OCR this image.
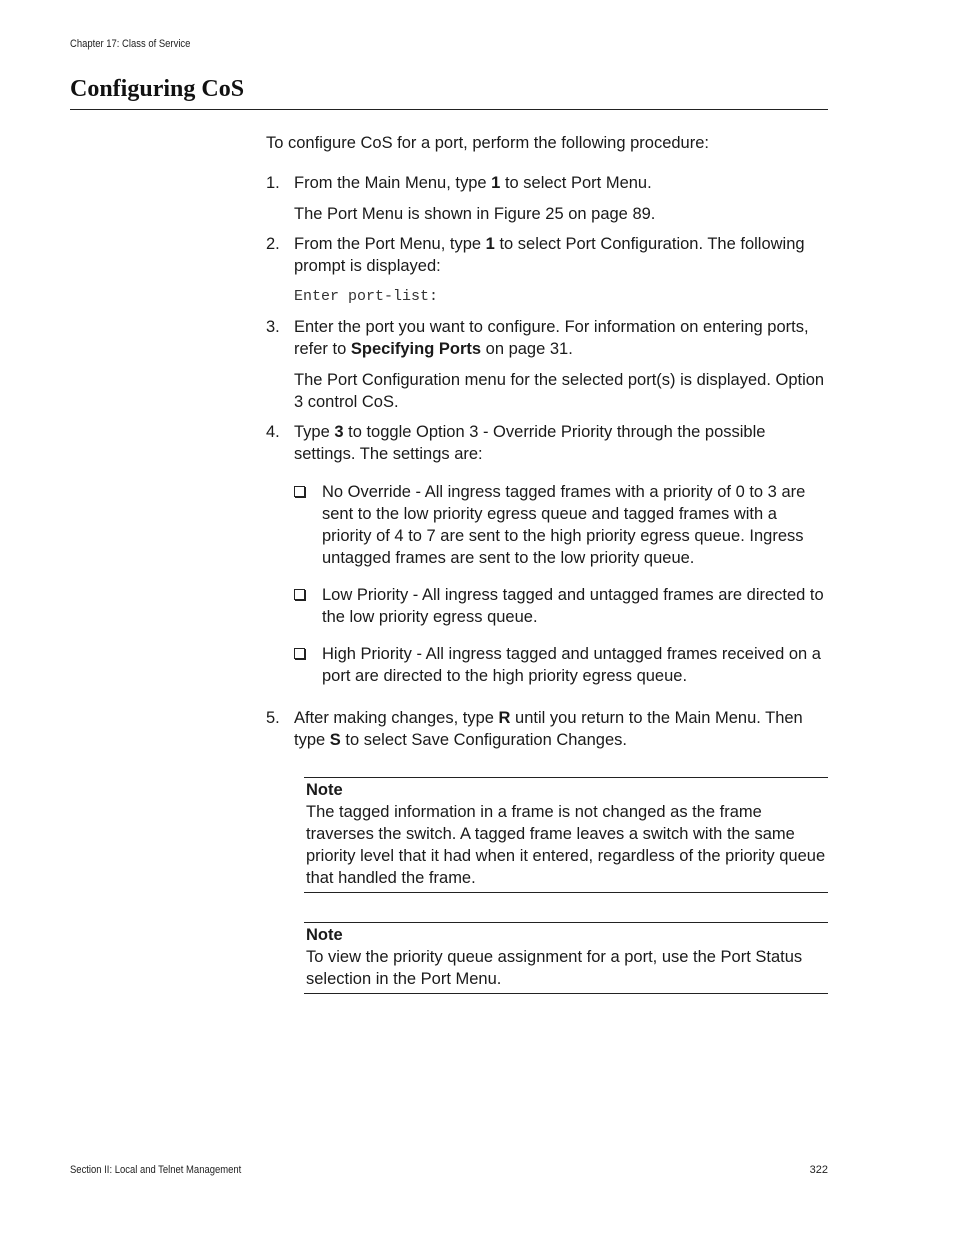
Chapter 17: Class of Service
Configuring CoS

To configure CoS for a port, perform the following procedure:

1. From the Main Menu, type 1 to select Port Menu.

The Port Menu is shown in Figure 25 on page 89.

2. From the Port Menu, type 1 to select Port Configuration. The following prompt is displayed:

Enter port-list:
3. Enter the port you want to configure. For information on entering ports, refer to Specifying Ports on page 31.

The Port Configuration menu for the selected port(s) is displayed. Option 3 control CoS.

4. Type 3 to toggle Option 3 - Override Priority through the possible settings. The settings are:

No Override - All ingress tagged frames with a priority of 0 to 3 are sent to the low priority egress queue and tagged frames with a priority of 4 to 7 are sent to the high priority egress queue. Ingress untagged frames are sent to the low priority queue.
Low Priority - All ingress tagged and untagged frames are directed to the low priority egress queue.
High Priority - All ingress tagged and untagged frames received on a port are directed to the high priority egress queue.
5. After making changes, type R until you return to the Main Menu. Then type S to select Save Configuration Changes.

Note
The tagged information in a frame is not changed as the frame traverses the switch. A tagged frame leaves a switch with the same priority level that it had when it entered, regardless of the priority queue that handled the frame.
Note
To view the priority queue assignment for a port, use the Port Status selection in the Port Menu.
Section II: Local and Telnet Management	322
